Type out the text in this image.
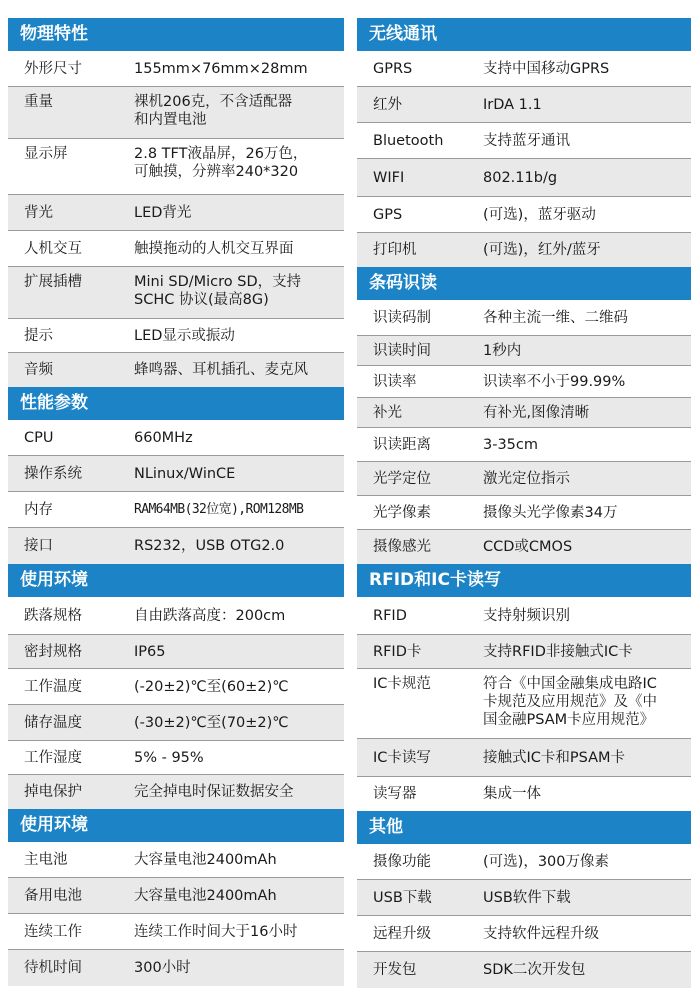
物理特性
外形尺寸	155mm×76mm×28mm
重量	裸机206克，不含适配器
和内置电池
显示屏	2.8 TFT液晶屏，26万色，
可触摸，分辨率240*320
背光	LED背光
人机交互	触摸拖动的人机交互界面
扩展插槽	Mini SD/Micro SD，支持
SCHC 协议(最高8G)
提示	LED显示或振动
音频	蜂鸣器、耳机插孔、麦克风
性能参数
CPU	660MHz
操作系统	NLinux/WinCE
内存	RAM64MB(32位宽),ROM128MB
接口	RS232，USB OTG2.0
使用环境
跌落规格	自由跌落高度：200cm
密封规格	IP65
工作温度	(-20±2)℃至(60±2)℃
储存温度	(-30±2)℃至(70±2)℃
工作湿度	5% - 95%
掉电保护	完全掉电时保证数据安全
使用环境
主电池	大容量电池2400mAh
备用电池	大容量电池2400mAh
连续工作	连续工作时间大于16小时
待机时间	300小时
无线通讯
GPRS	支持中国移动GPRS
红外	IrDA 1.1
Bluetooth	支持蓝牙通讯
WIFI	802.11b/g
GPS	(可选)，蓝牙驱动
打印机	(可选)，红外/蓝牙
条码识读
识读码制	各种主流一维、二维码
识读时间	1秒内
识读率	识读率不小于99.99%
补光	有补光,图像清晰
识读距离	3-35cm
光学定位	激光定位指示
光学像素	摄像头光学像素34万
摄像感光	CCD或CMOS
RFID和IC卡读写
RFID	支持射频识别
RFID卡	支持RFID非接触式IC卡
IC卡规范	符合《中国金融集成电路IC
卡规范及应用规范》及《中
国金融PSAM卡应用规范》
IC卡读写	接触式IC卡和PSAM卡
读写器	集成一体
其他
摄像功能	(可选)，300万像素
USB下载	USB软件下载
远程升级	支持软件远程升级
开发包	SDK二次开发包
